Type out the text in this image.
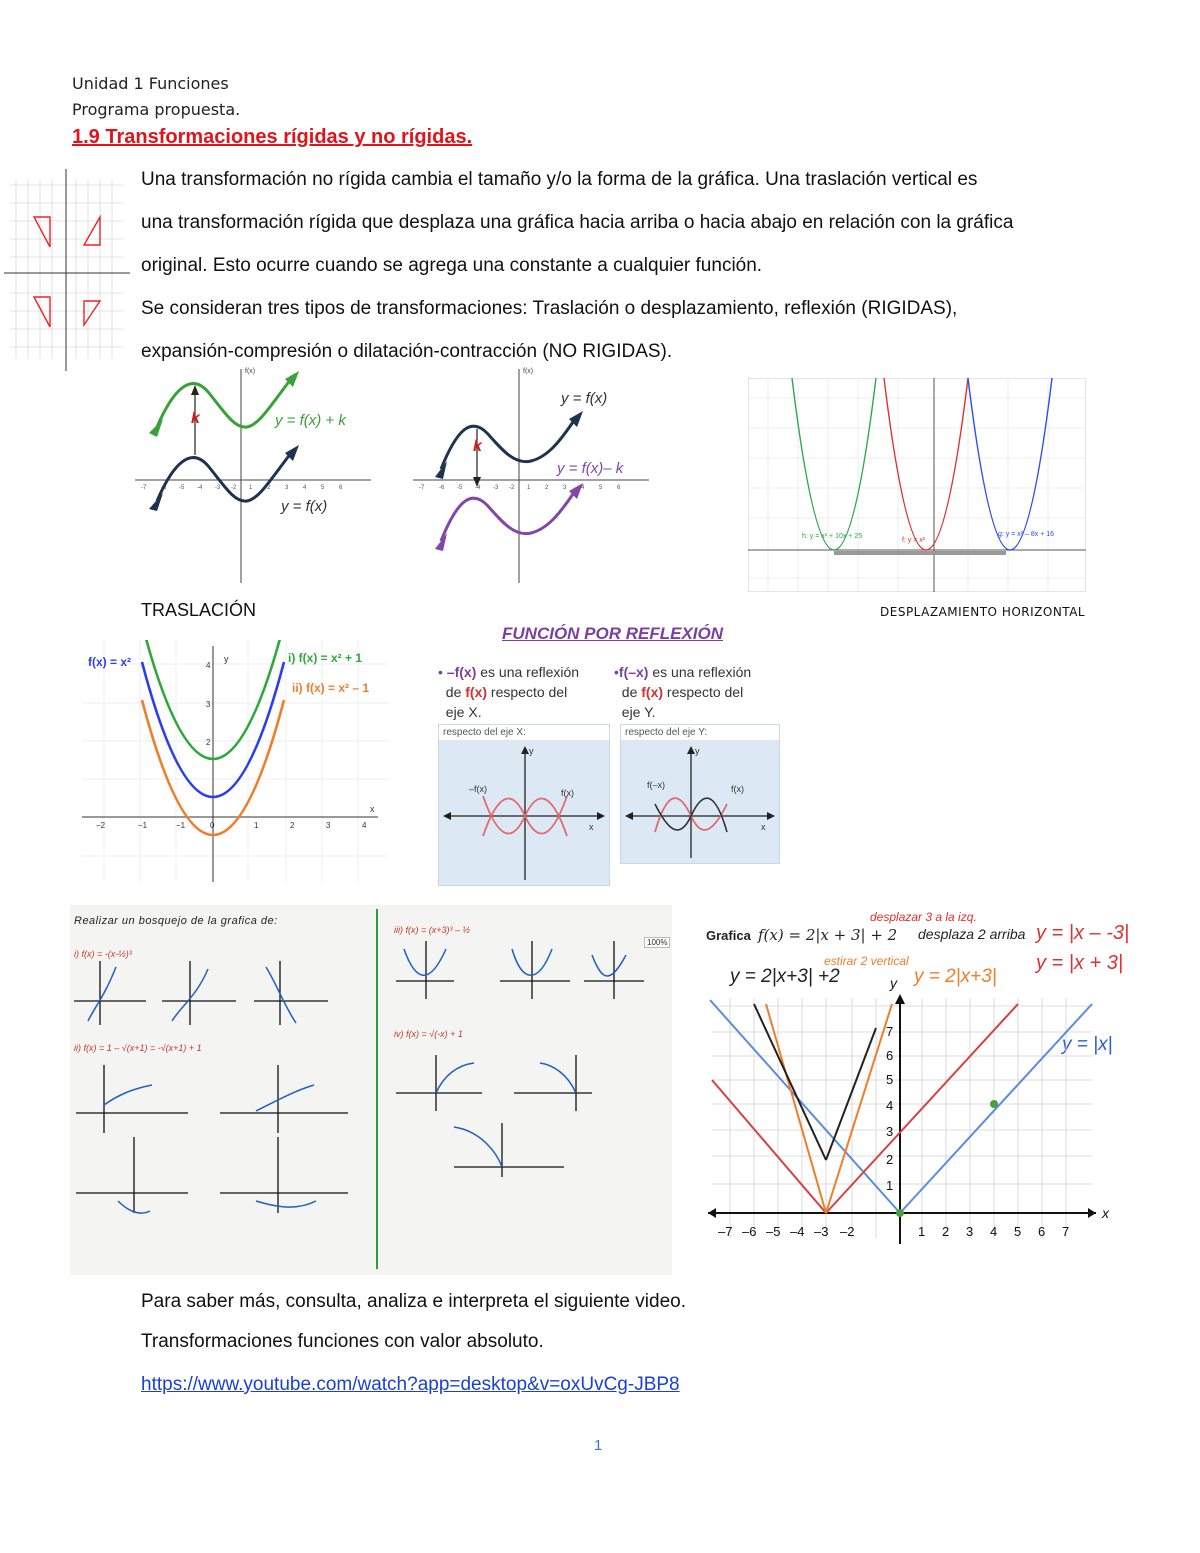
Unidad 1 Funciones
Programa propuesta.
1.9 Transformaciones rígidas y no rígidas.
Una transformación no rígida cambia el tamaño y/o la forma de la gráfica. Una traslación vertical es
una transformación rígida que desplaza una gráfica hacia arriba o hacia abajo en relación con la gráfica
original. Esto ocurre cuando se agrega una constante a cualquier función.
Se consideran tres tipos de transformaciones: Traslación o desplazamiento, reflexión (RIGIDAS),
expansión-compresión o dilatación-contracción (NO RIGIDAS).
-7 -6 -5 -4 -3 -2 1 2 3 4 5 6
f(x)
k	y = f(x) + k
y = f(x)
-7 -6 -5 -4 -3 -2 1 2 3 4 5 6
f(x)
k
y = f(x)
y = f(x)– k
h: y = x² + 10x + 25
f: y = x²
g: y = x² – 8x + 16
TRASLACIÓN	DESPLAZAMIENTO HORIZONTAL
y
x
−2	−1	−1	0	1	2	3	4
3
2
4
f(x) = x²	i) f(x) = x² + 1
ii) f(x) = x² – 1
FUNCIÓN POR REFLEXIÓN
• –f(x) es una reflexión
de f(x) respecto del
eje X.
•f(–x) es una reflexión
de f(x) respecto del
eje Y.
respecto del eje X:
–f(x)	f(x)
x
y
respecto del eje Y:
f(–x)	f(x)
x
y
Realizar un bosquejo de la grafica de:
i) f(x) = -(x-½)³
ii) f(x) = 1 – √(x+1) = -√(x+1) + 1
iii) f(x) = (x+3)³ – ½
iv) f(x) = √(-x) + 1
100%	Grafica f(x) = 2|x + 3| + 2 desplaza 2 arriba
desplazar 3 a la izq.
estirar 2 vertical
y = |x – -3|
y = |x + 3|
y = 2|x+3| +2	y = 2|x+3|
y = |x|
x
y
–7 –6 –5 –4 –3 –2	1 2 3 4 5 6 7
1
2
3
4
5
6
7
Para saber más, consulta, analiza e interpreta el siguiente video.
Transformaciones funciones con valor absoluto.
https://www.youtube.com/watch?app=desktop&v=oxUvCg-JBP8
1
